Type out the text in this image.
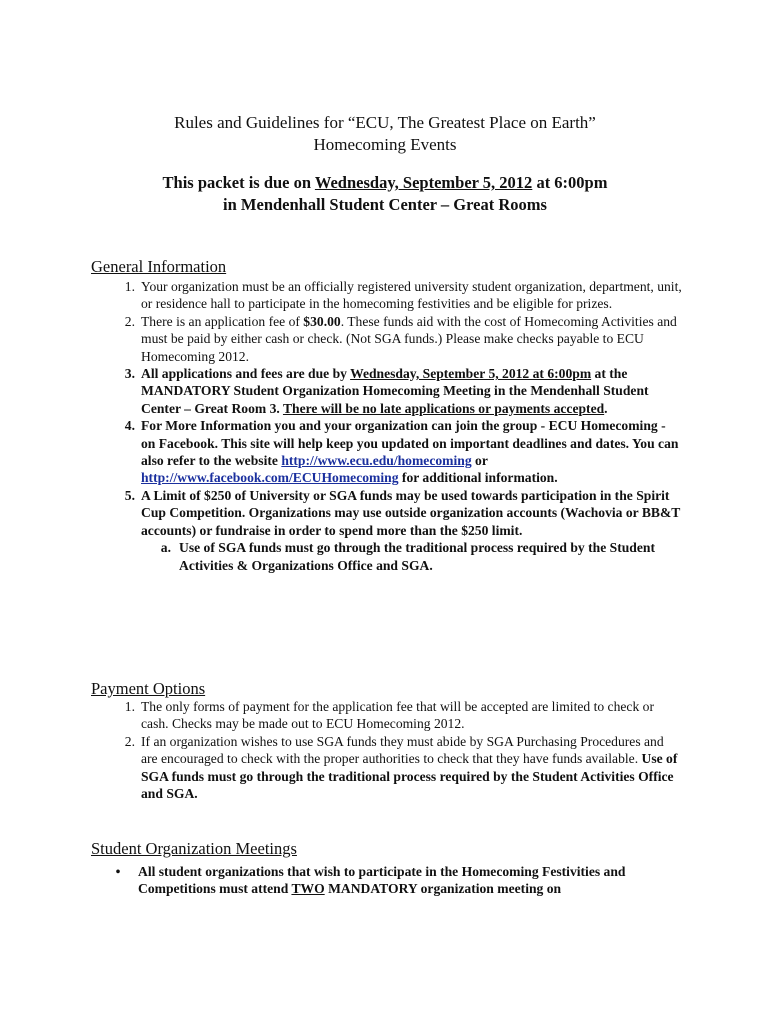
Rules and Guidelines for “ECU, The Greatest Place on Earth”
Homecoming Events
This packet is due on Wednesday, September 5, 2012 at 6:00pm
in Mendenhall Student Center – Great Rooms
General Information
1. Your organization must be an officially registered university student organization, department, unit, or residence hall to participate in the homecoming festivities and be eligible for prizes.
2. There is an application fee of $30.00. These funds aid with the cost of Homecoming Activities and must be paid by either cash or check. (Not SGA funds.) Please make checks payable to ECU Homecoming 2012.
3. All applications and fees are due by Wednesday, September 5, 2012 at 6:00pm at the MANDATORY Student Organization Homecoming Meeting in the Mendenhall Student Center – Great Room 3. There will be no late applications or payments accepted.
4. For More Information you and your organization can join the group - ECU Homecoming - on Facebook. This site will help keep you updated on important deadlines and dates. You can also refer to the website http://www.ecu.edu/homecoming or http://www.facebook.com/ECUHomecoming for additional information.
5. A Limit of $250 of University or SGA funds may be used towards participation in the Spirit Cup Competition. Organizations may use outside organization accounts (Wachovia or BB&T accounts) or fundraise in order to spend more than the $250 limit.
a. Use of SGA funds must go through the traditional process required by the Student Activities & Organizations Office and SGA.
Payment Options
1. The only forms of payment for the application fee that will be accepted are limited to check or cash. Checks may be made out to ECU Homecoming 2012.
2. If an organization wishes to use SGA funds they must abide by SGA Purchasing Procedures and are encouraged to check with the proper authorities to check that they have funds available. Use of SGA funds must go through the traditional process required by the Student Activities Office and SGA.
Student Organization Meetings
•	All student organizations that wish to participate in the Homecoming Festivities and Competitions must attend TWO MANDATORY organization meeting on
